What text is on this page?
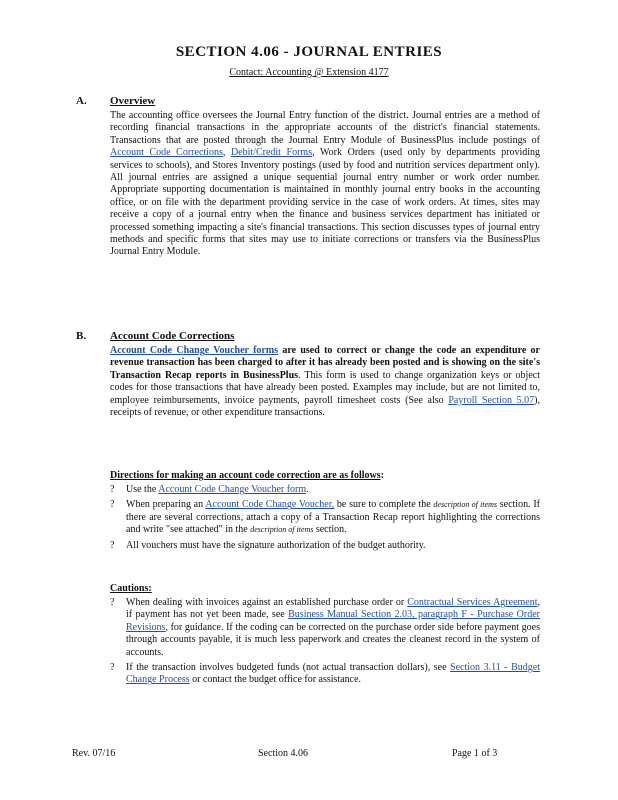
SECTION 4.06 - JOURNAL ENTRIES
Contact: Accounting @ Extension 4177
A. Overview
The accounting office oversees the Journal Entry function of the district. Journal entries are a method of recording financial transactions in the appropriate accounts of the district's financial statements. Transactions that are posted through the Journal Entry Module of BusinessPlus include postings of Account Code Corrections, Debit/Credit Forms, Work Orders (used only by departments providing services to schools), and Stores Inventory postings (used by food and nutrition services department only). All journal entries are assigned a unique sequential journal entry number or work order number. Appropriate supporting documentation is maintained in monthly journal entry books in the accounting office, or on file with the department providing service in the case of work orders. At times, sites may receive a copy of a journal entry when the finance and business services department has initiated or processed something impacting a site's financial transactions. This section discusses types of journal entry methods and specific forms that sites may use to initiate corrections or transfers via the BusinessPlus Journal Entry Module.
B. Account Code Corrections
Account Code Change Voucher forms are used to correct or change the code an expenditure or revenue transaction has been charged to after it has already been posted and is showing on the site's Transaction Recap reports in BusinessPlus. This form is used to change organization keys or object codes for those transactions that have already been posted. Examples may include, but are not limited to, employee reimbursements, invoice payments, payroll timesheet costs (See also Payroll Section 5.07), receipts of revenue, or other expenditure transactions.
Directions for making an account code correction are as follows:
? Use the Account Code Change Voucher form.
? When preparing an Account Code Change Voucher, be sure to complete the description of items section. If there are several corrections, attach a copy of a Transaction Recap report highlighting the corrections and write "see attached" in the description of items section.
? All vouchers must have the signature authorization of the budget authority.
Cautions:
? When dealing with invoices against an established purchase order or Contractual Services Agreement, if payment has not yet been made, see Business Manual Section 2.03, paragraph F - Purchase Order Revisions, for guidance. If the coding can be corrected on the purchase order side before payment goes through accounts payable, it is much less paperwork and creates the cleanest record in the system of accounts.
? If the transaction involves budgeted funds (not actual transaction dollars), see Section 3.11 - Budget Change Process or contact the budget office for assistance.
Rev. 07/16	Section 4.06	Page 1 of 3
